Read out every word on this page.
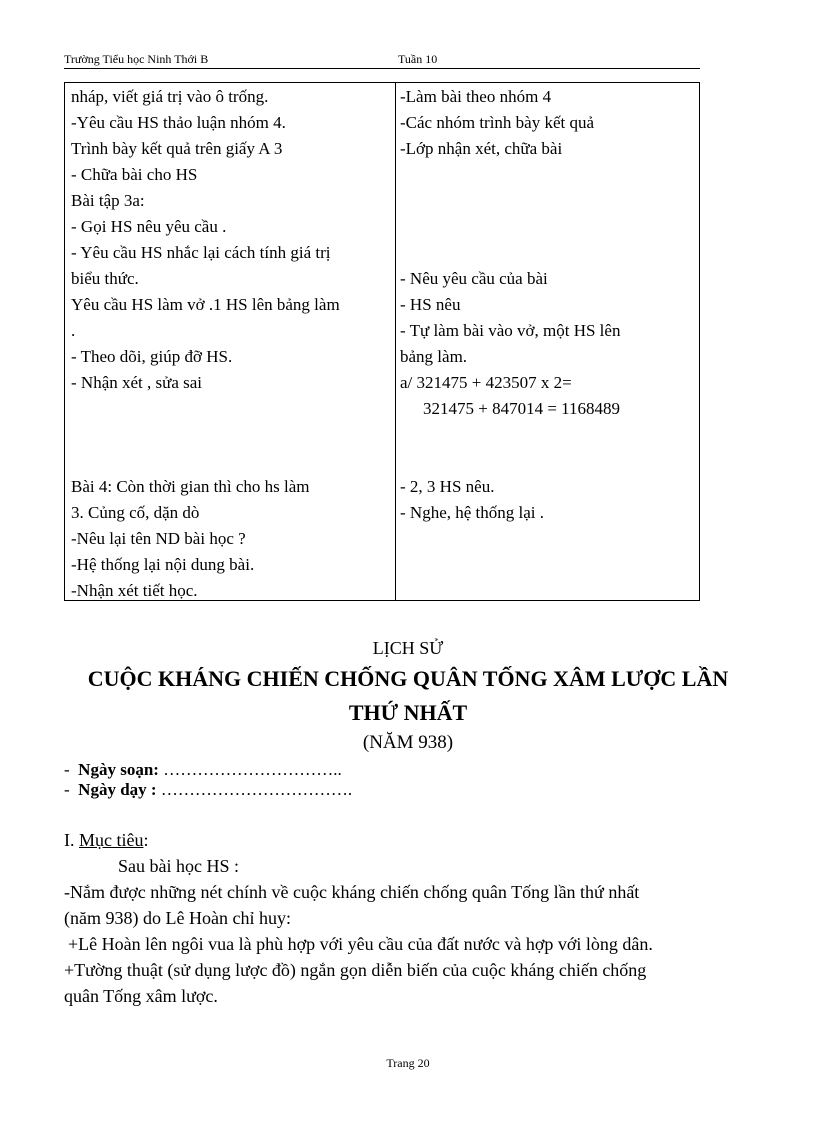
Trường Tiểu học Ninh Thới B	Tuần 10
nháp, viết giá trị vào ô trống.
-Yêu cầu HS thảo luận nhóm 4.
Trình bày kết quả trên giấy A 3
- Chữa bài cho HS
Bài tập 3a:
- Gọi HS nêu yêu cầu .
- Yêu cầu HS nhắc lại cách tính giá trị
biểu thức.
Yêu cầu HS làm vở .1 HS lên bảng làm
.
- Theo dõi, giúp đỡ HS.
- Nhận xét , sửa sai
Bài 4: Còn thời gian thì cho hs làm
3. Củng cố, dặn dò
-Nêu lại tên ND bài học ?
-Hệ thống lại nội dung bài.
-Nhận xét tiết học.
-Làm bài theo nhóm 4
-Các nhóm trình bày kết quả
-Lớp nhận xét, chữa bài
- Nêu yêu cầu của bài
- HS nêu
- Tự làm bài vào vở, một HS lên
bảng làm.
a/ 321475 + 423507 x 2=
321475 + 847014 = 1168489
- 2, 3 HS nêu.
- Nghe, hệ thống lại .
LỊCH SỬ
CUỘC KHÁNG CHIẾN CHỐNG QUÂN TỐNG XÂM LƯỢC LẦN
THỨ NHẤT
(NĂM 938)
- Ngày soạn: …………………………..
- Ngày dạy : …………………………….
I. Mục tiêu:
Sau bài học HS :
-Nắm được những nét chính về cuộc kháng chiến chống quân Tống lần thứ nhất
(năm 938) do Lê Hoàn chỉ huy:
+Lê Hoàn lên ngôi vua là phù hợp với yêu cầu của đất nước và hợp với lòng dân.
+Tường thuật (sử dụng lược đồ) ngắn gọn diễn biến của cuộc kháng chiến chống
quân Tống xâm lược.
Trang 20
